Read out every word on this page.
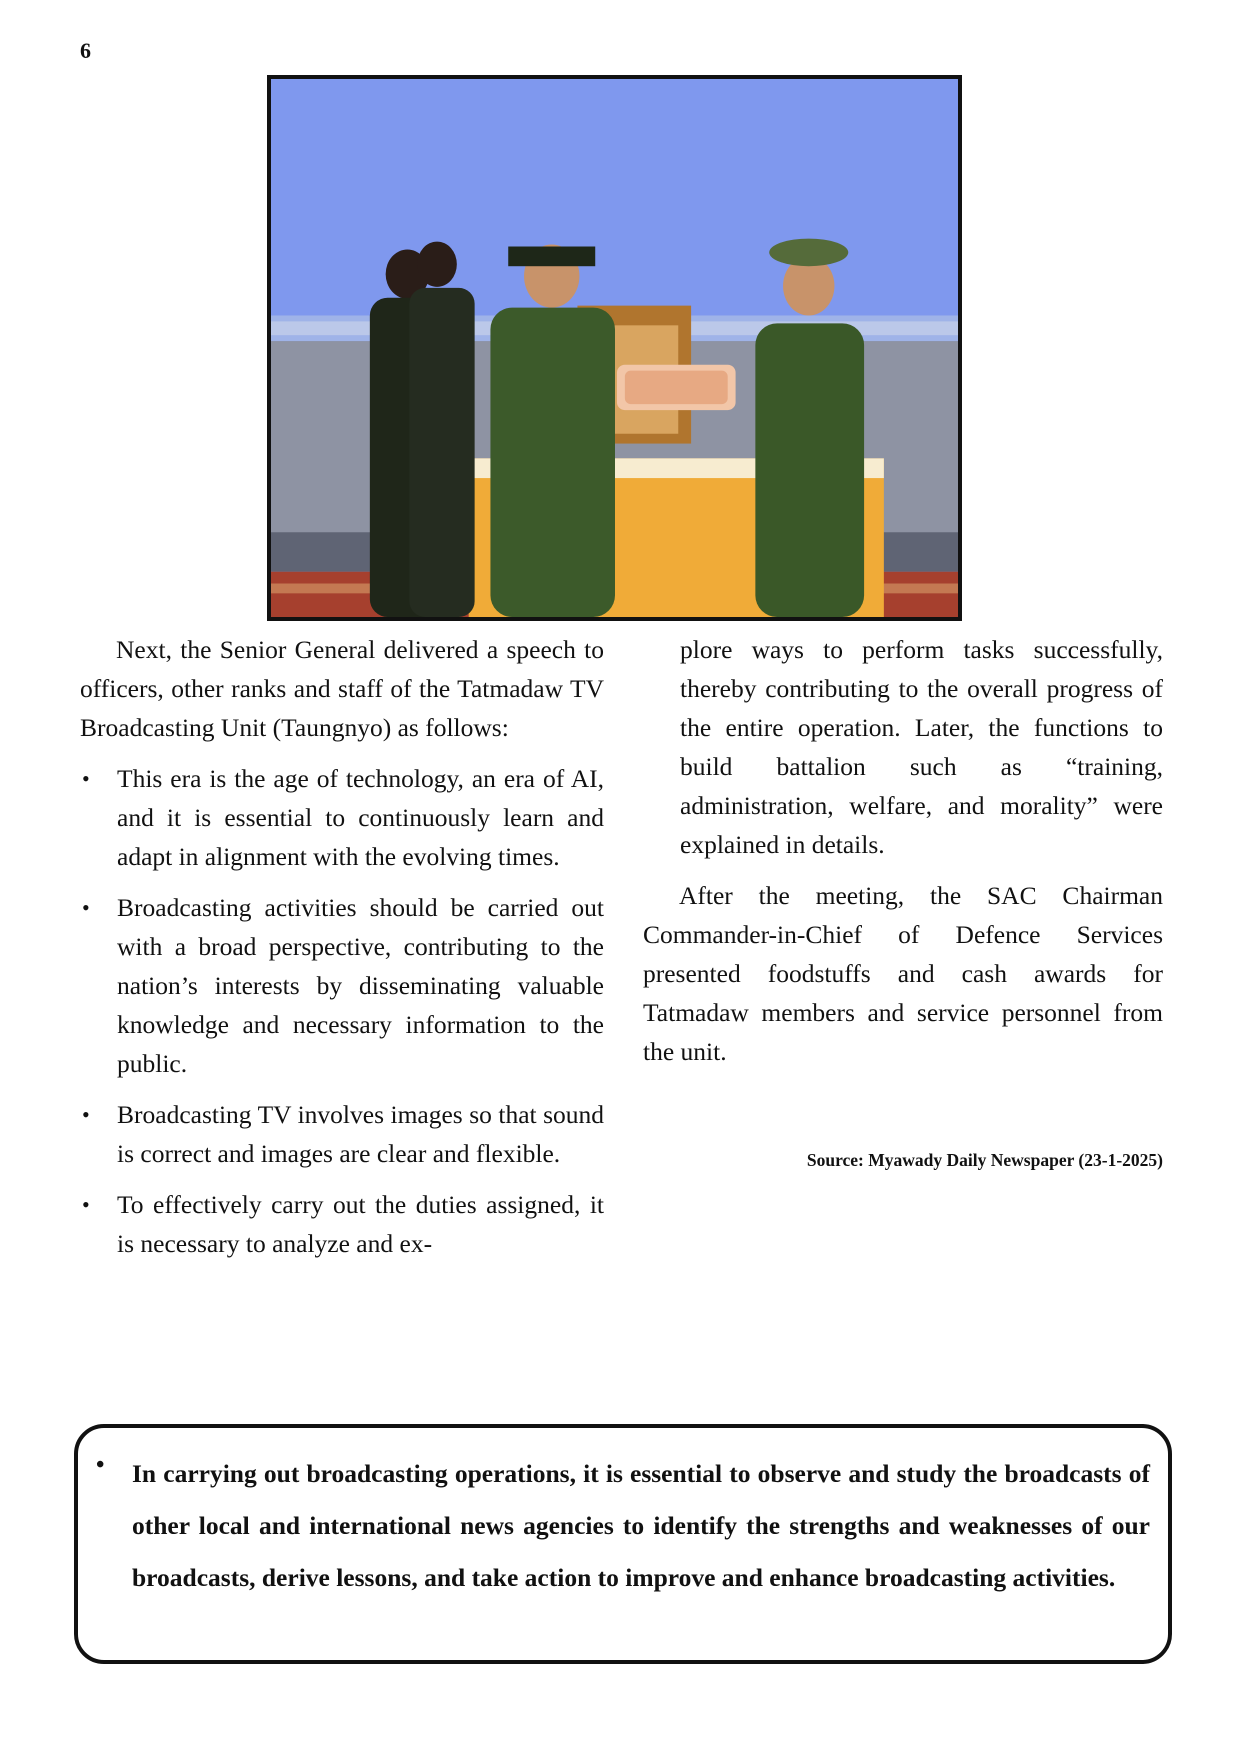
6

Next, the Senior General delivered a speech to officers, other ranks and staff of the Tatmadaw TV Broadcasting Unit (Taungnyo) as follows:

• This era is the age of technology, an era of AI, and it is essential to continuously learn and adapt in alignment with the evolving times.
• Broadcasting activities should be carried out with a broad perspective, contributing to the nation’s interests by disseminating valuable knowledge and necessary information to the public.
• Broadcasting TV involves images so that sound is correct and images are clear and flexible.
• To effectively carry out the duties assigned, it is necessary to analyze and ex-

plore ways to perform tasks successfully, thereby contributing to the overall progress of the entire operation. Later, the functions to build battalion such as “training, administration, welfare, and morality” were explained in details.

After the meeting, the SAC Chairman Commander-in-Chief of Defence Services presented foodstuffs and cash awards for Tatmadaw members and service personnel from the unit.

Source: Myawady Daily Newspaper (23-1-2025)
• In carrying out broadcasting operations, it is essential to observe and study the broadcasts of other local and international news agencies to identify the strengths and weaknesses of our broadcasts, derive lessons, and take action to improve and enhance broadcasting activities.
